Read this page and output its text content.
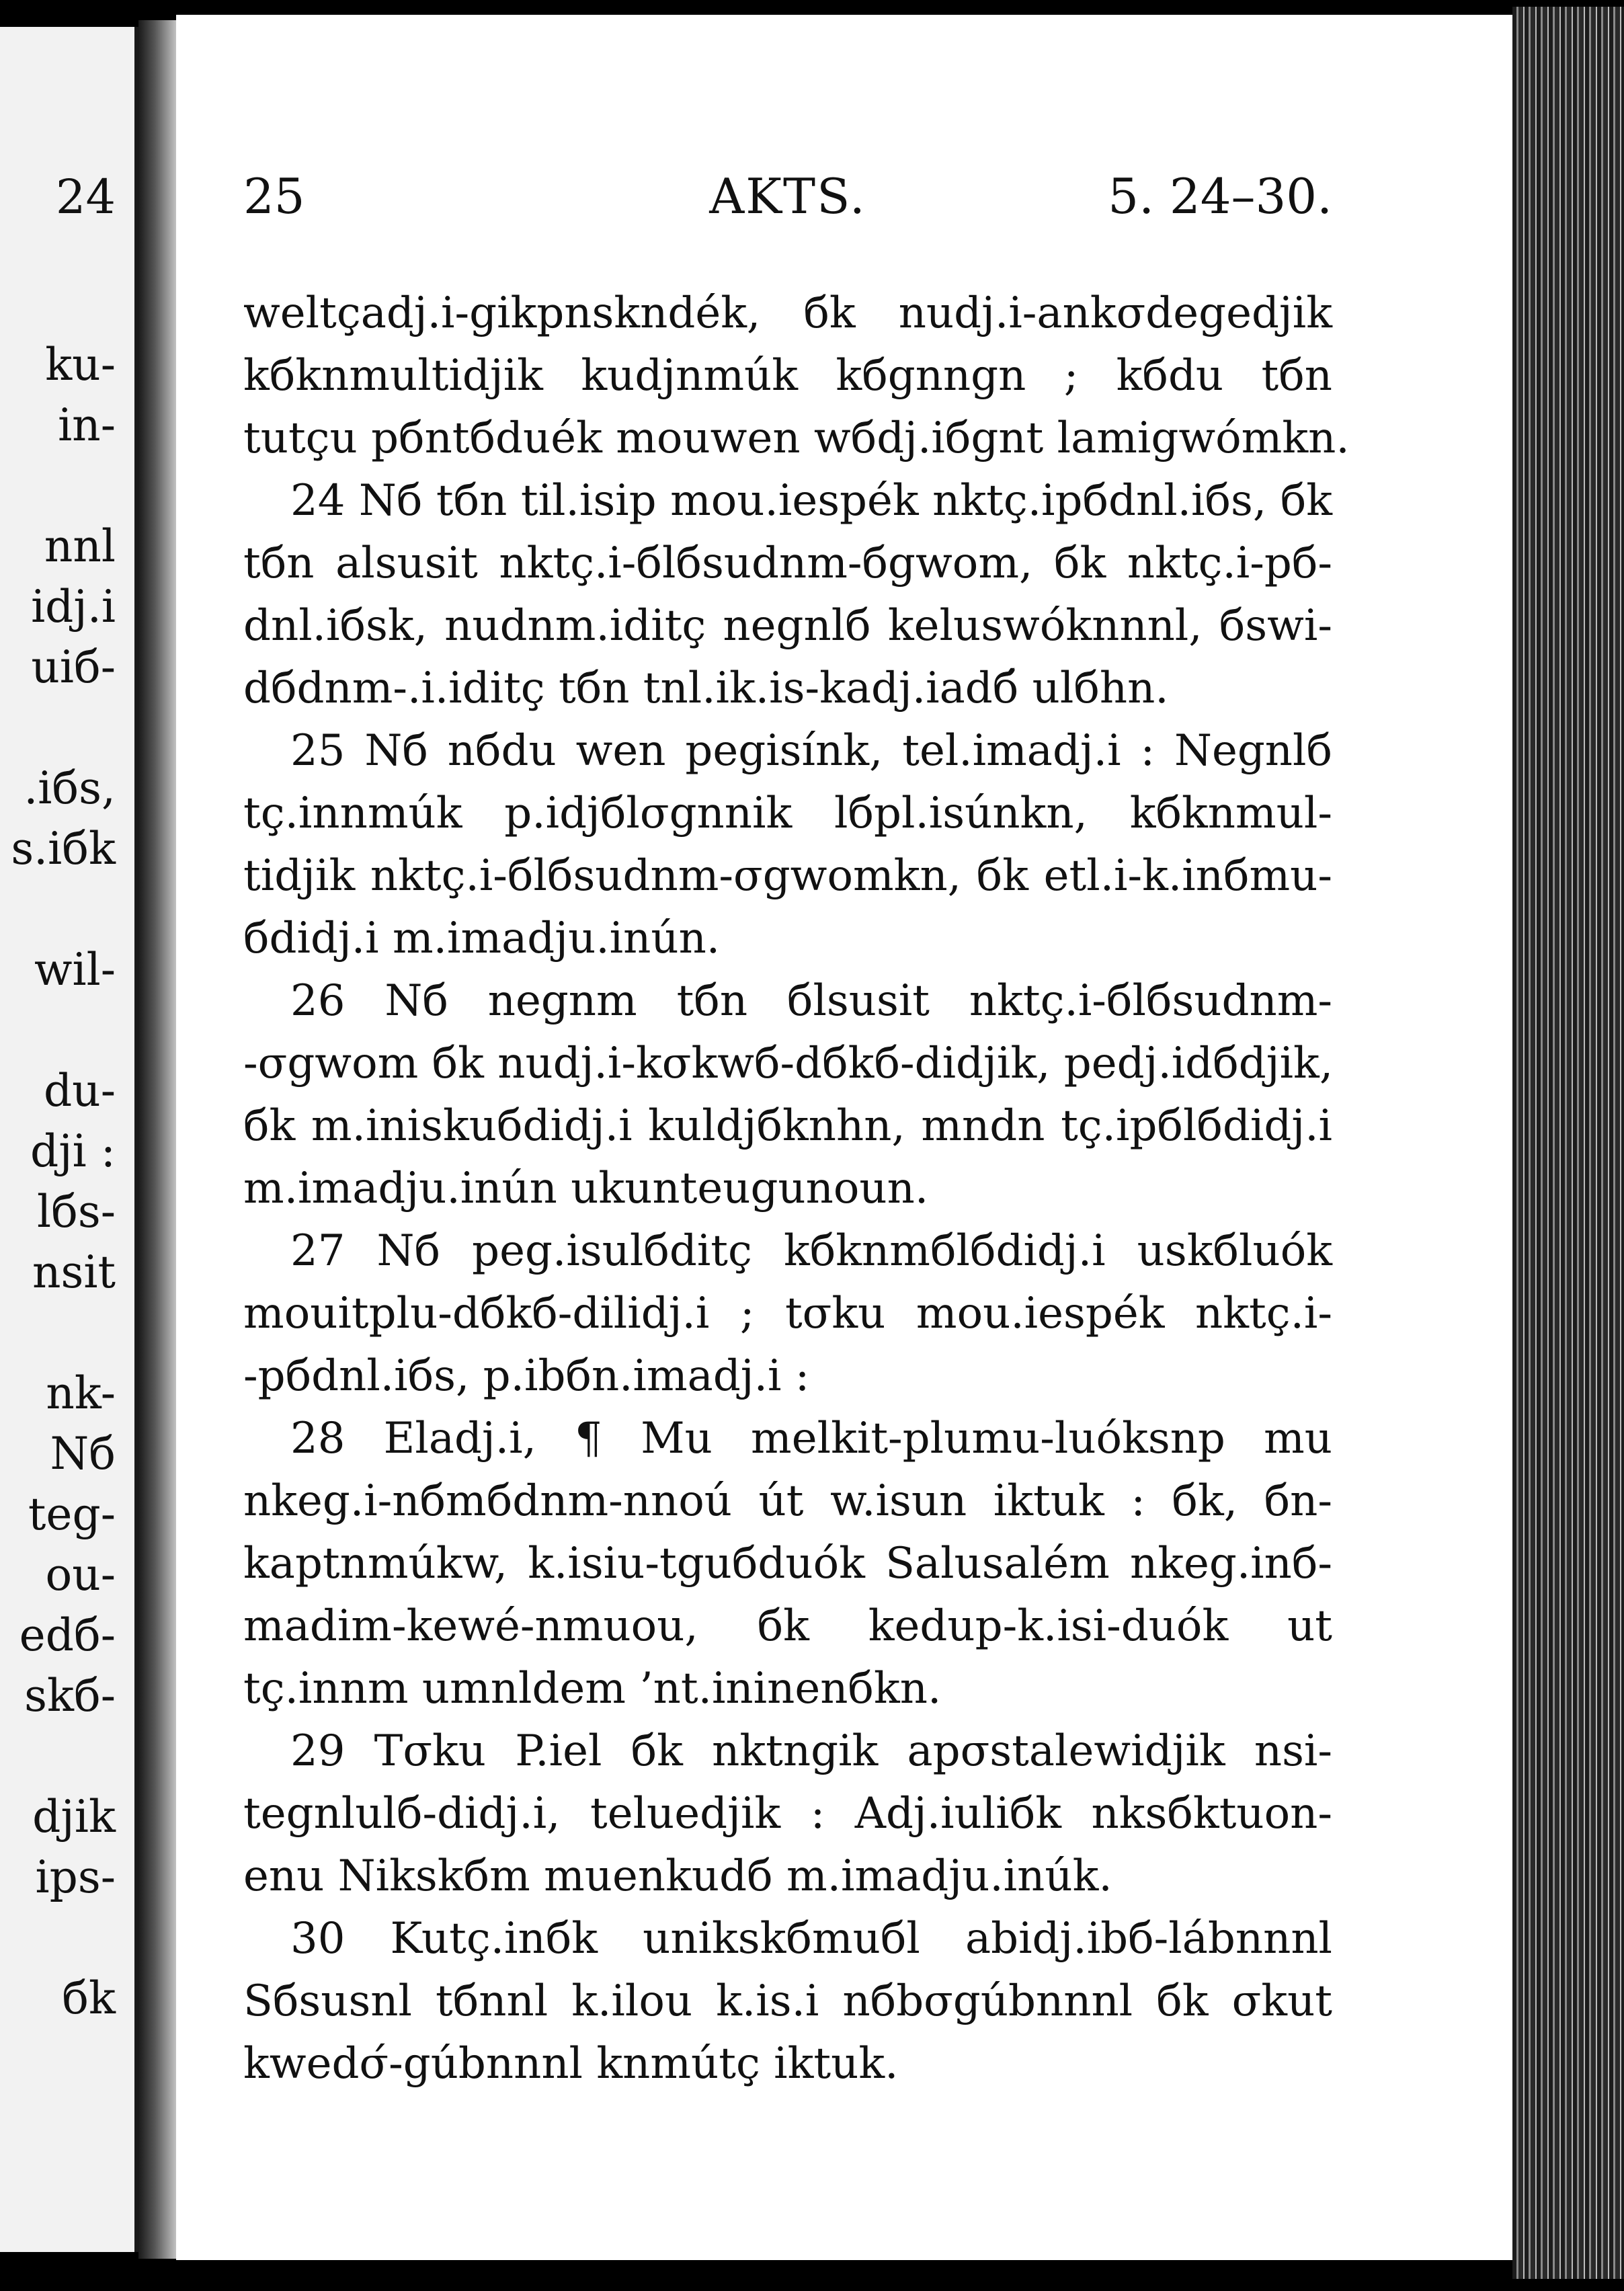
24
ku-
in-
nnl
idj.i
uiб-
.iбs,
s.iбk
wil-
du-
dji :
lбs-
nsit
nk-
Nб
teg-
ou-
edб-
skб-
djik
ips-
бk
25	AKTS.	5. 24–30.
weltçadj.i-gikpnskndék, бk nudj.i-ankσdegedjik
kбknmultidjik kudjnmúk kбgnngn ; kбdu tбn
tutçu pбntбduék mouwen wбdj.iбgnt lamigwómkn.
24 Nб tбn til.isip mou.iespék nktç.ipбdnl.iбs, бk
tбn alsusit nktç.i-бlбsudnm-бgwom, бk nktç.i-pб-
dnl.iбsk, nudnm.iditç negnlб keluswóknnnl, бswi-
dбdnm-.i.iditç tбn tnl.ik.is-kadj.iadб́ ulбhn.
25 Nб nбdu wen pegisínk, tel.imadj.i : Negnlб
tç.innmúk p.idjбlσgnnik lбpl.isúnkn, kбknmul-
tidjik nktç.i-бlбsudnm-σgwomkn, бk etl.i-k.inбmu-
бdidj.i m.imadju.inún.
26 Nб negnm tбn бlsusit nktç.i-бlбsudnm-
-σgwom бk nudj.i-kσkwб-dбkб-didjik, pedj.idбdjik,
бk m.iniskuбdidj.i kuldjбknhn, mndn tç.ipбlбdidj.i
m.imadju.inún ukunteugunoun.
27 Nб peg.isulбditç kбknmбlбdidj.i uskбluók
mouitplu-dбkб-dilidj.i ; tσku mou.iespék nktç.i-
-pбdnl.iбs, p.ibбn.imadj.i :
28 Eladj.i, ¶ Mu melkit-plumu-luóksnp mu
nkeg.i-nбmбdnm-nnoú út w.isun iktuk : бk, бn-
kaptnmúkw, k.isiu-tguбduók Salusalém nkeg.inб-
madim-kewé-nmuou, бk kedup-k.isi-duók ut
tç.innm umnldem ’nt.ininenбkn.
29 Tσku P.iel бk nktngik apσstalewidjik nsi-
tegnlulб-didj.i, teluedjik : Adj.iuliбk nksбktuon-
enu Nikskбm muenkudб m.imadju.inúk.
30 Kutç.inбk unikskбmuбl abidj.ibб-lábnnnl
Sбsusnl tбnnl k.ilou k.is.i nбbσgúbnnnl бk σkut
kwedσ́-gúbnnnl knmútç iktuk.
